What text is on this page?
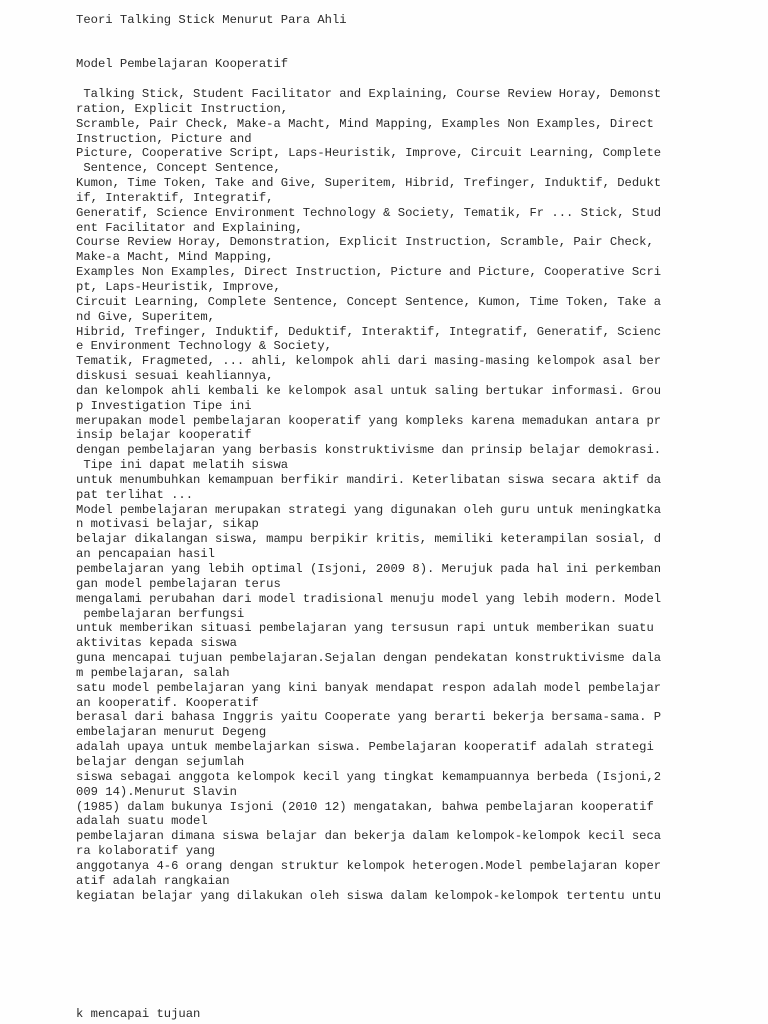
Teori Talking Stick Menurut Para Ahli
Model Pembelajaran Kooperatif
Talking Stick, Student Facilitator and Explaining, Course Review Horay, Demonst
ration, Explicit Instruction,
Scramble, Pair Check, Make-a Macht, Mind Mapping, Examples Non Examples, Direct
Instruction, Picture and
Picture, Cooperative Script, Laps-Heuristik, Improve, Circuit Learning, Complete
Sentence, Concept Sentence,
Kumon, Time Token, Take and Give, Superitem, Hibrid, Trefinger, Induktif, Dedukt
if, Interaktif, Integratif,
Generatif, Science Environment Technology & Society, Tematik, Fr ... Stick, Stud
ent Facilitator and Explaining,
Course Review Horay, Demonstration, Explicit Instruction, Scramble, Pair Check,
Make-a Macht, Mind Mapping,
Examples Non Examples, Direct Instruction, Picture and Picture, Cooperative Scri
pt, Laps-Heuristik, Improve,
Circuit Learning, Complete Sentence, Concept Sentence, Kumon, Time Token, Take a
nd Give, Superitem,
Hibrid, Trefinger, Induktif, Deduktif, Interaktif, Integratif, Generatif, Scienc
e Environment Technology & Society,
Tematik, Fragmeted, ... ahli, kelompok ahli dari masing-masing kelompok asal ber
diskusi sesuai keahliannya,
dan kelompok ahli kembali ke kelompok asal untuk saling bertukar informasi. Grou
p Investigation Tipe ini
merupakan model pembelajaran kooperatif yang kompleks karena memadukan antara pr
insip belajar kooperatif
dengan pembelajaran yang berbasis konstruktivisme dan prinsip belajar demokrasi.
Tipe ini dapat melatih siswa
untuk menumbuhkan kemampuan berfikir mandiri. Keterlibatan siswa secara aktif da
pat terlihat ...
Model pembelajaran merupakan strategi yang digunakan oleh guru untuk meningkatka
n motivasi belajar, sikap
belajar dikalangan siswa, mampu berpikir kritis, memiliki keterampilan sosial, d
an pencapaian hasil
pembelajaran yang lebih optimal (Isjoni, 2009 8). Merujuk pada hal ini perkemban
gan model pembelajaran terus
mengalami perubahan dari model tradisional menuju model yang lebih modern. Model
pembelajaran berfungsi
untuk memberikan situasi pembelajaran yang tersusun rapi untuk memberikan suatu
aktivitas kepada siswa
guna mencapai tujuan pembelajaran.Sejalan dengan pendekatan konstruktivisme dala
m pembelajaran, salah
satu model pembelajaran yang kini banyak mendapat respon adalah model pembelajar
an kooperatif. Kooperatif
berasal dari bahasa Inggris yaitu Cooperate yang berarti bekerja bersama-sama. P
embelajaran menurut Degeng
adalah upaya untuk membelajarkan siswa. Pembelajaran kooperatif adalah strategi
belajar dengan sejumlah
siswa sebagai anggota kelompok kecil yang tingkat kemampuannya berbeda (Isjoni,2
009 14).Menurut Slavin
(1985) dalam bukunya Isjoni (2010 12) mengatakan, bahwa pembelajaran kooperatif
adalah suatu model
pembelajaran dimana siswa belajar dan bekerja dalam kelompok-kelompok kecil seca
ra kolaboratif yang
anggotanya 4-6 orang dengan struktur kelompok heterogen.Model pembelajaran koper
atif adalah rangkaian
kegiatan belajar yang dilakukan oleh siswa dalam kelompok-kelompok tertentu untu
k mencapai tujuan
